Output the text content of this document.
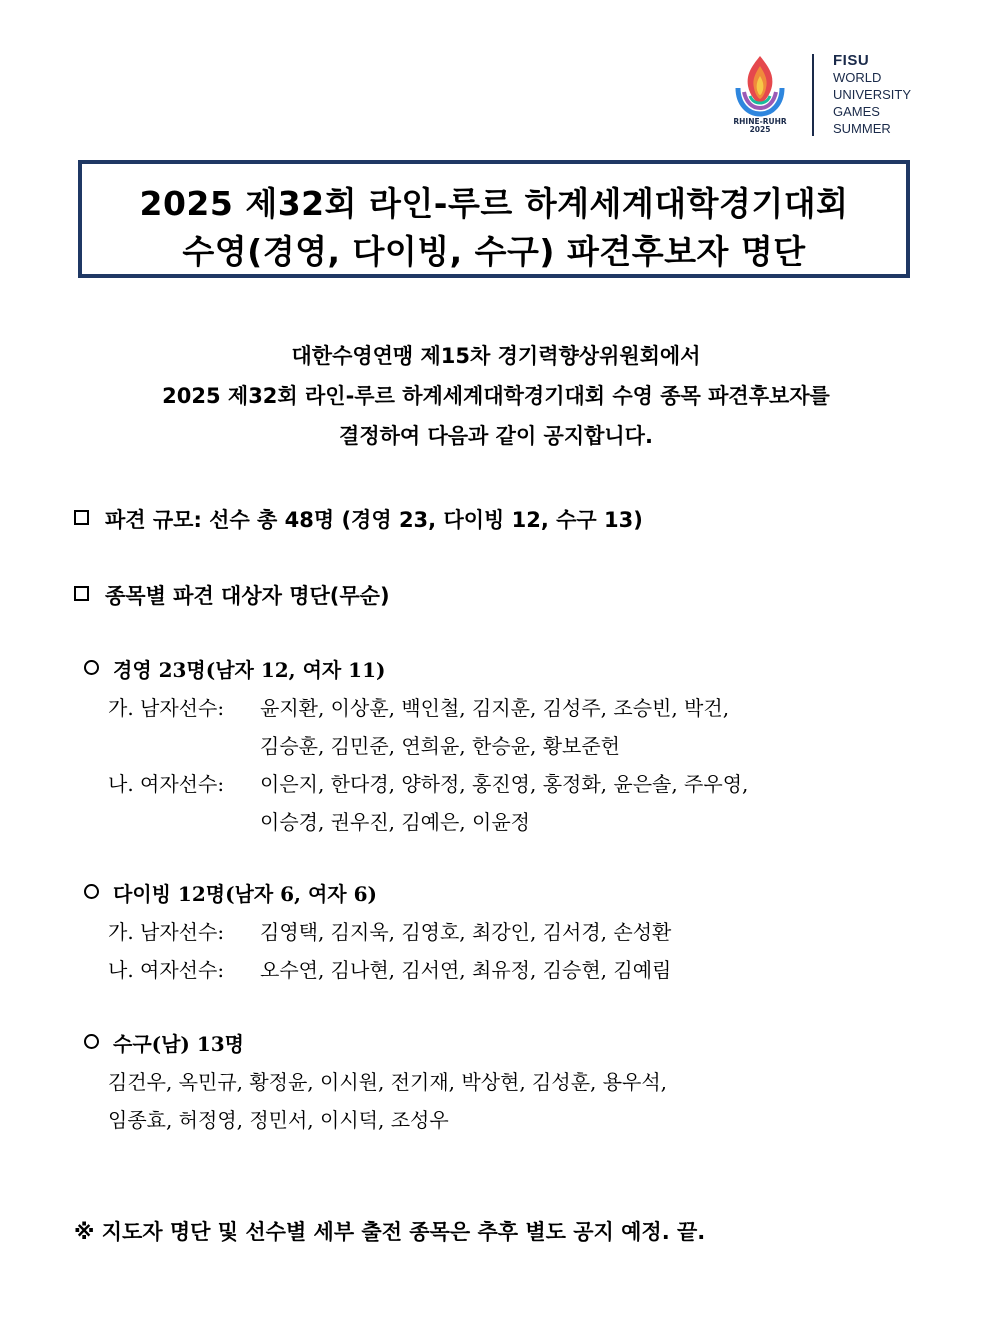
RHINE-RUHR
2025
FISU
WORLD
UNIVERSITY
GAMES
SUMMER
2025 제32회 라인-루르 하계세계대학경기대회
수영(경영, 다이빙, 수구) 파견후보자 명단
대한수영연맹 제15차 경기력향상위원회에서
2025 제32회 라인-루르 하계세계대학경기대회 수영 종목 파견후보자를
결정하여 다음과 같이 공지합니다.
파견 규모: 선수 총 48명 (경영 23, 다이빙 12, 수구 13)
종목별 파견 대상자 명단(무순)
경영 23명(남자 12, 여자 11)
가. 남자선수: 윤지환, 이상훈, 백인철, 김지훈, 김성주, 조승빈, 박건,
김승훈, 김민준, 연희윤, 한승윤, 황보준헌
나. 여자선수: 이은지, 한다경, 양하정, 홍진영, 홍정화, 윤은솔, 주우영,
이승경, 권우진, 김예은, 이윤정
다이빙 12명(남자 6, 여자 6)
가. 남자선수: 김영택, 김지욱, 김영호, 최강인, 김서경, 손성환
나. 여자선수: 오수연, 김나현, 김서연, 최유정, 김승현, 김예림
수구(남) 13명
김건우, 옥민규, 황정윤, 이시원, 전기재, 박상현, 김성훈, 용우석,
임종효, 허정영, 정민서, 이시덕, 조성우
※ 지도자 명단 및 선수별 세부 출전 종목은 추후 별도 공지 예정. 끝.
